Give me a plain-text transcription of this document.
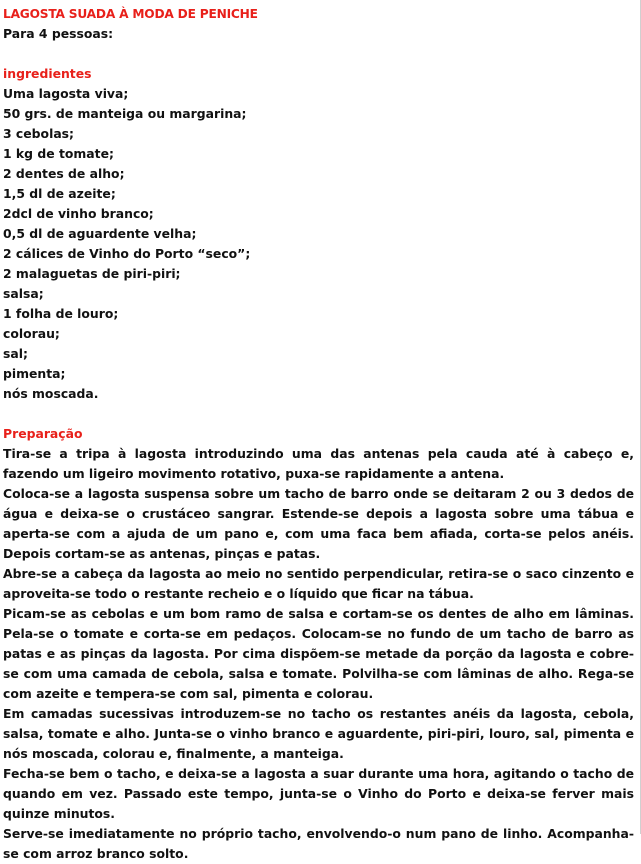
LAGOSTA SUADA À MODA DE PENICHE
Para 4 pessoas:
ingredientes
Uma lagosta viva;
50 grs. de manteiga ou margarina;
3 cebolas;
1 kg de tomate;
2 dentes de alho;
1,5 dl de azeite;
2dcl de vinho branco;
0,5 dl de aguardente velha;
2 cálices de Vinho do Porto “seco”;
2 malaguetas de piri-piri;
salsa;
1 folha de louro;
colorau;
sal;
pimenta;
nós moscada.
Preparação

Tira-se a tripa à lagosta introduzindo uma das antenas pela cauda até à cabeço e, fazendo um ligeiro movimento rotativo, puxa-se rapidamente a antena.

Coloca-se a lagosta suspensa sobre um tacho de barro onde se deitaram 2 ou 3 dedos de água e deixa-se o crustáceo sangrar. Estende-se depois a lagosta sobre uma tábua e aperta-se com a ajuda de um pano e, com uma faca bem afiada, corta-se pelos anéis. Depois cortam-se as antenas, pinças e patas.

Abre-se a cabeça da lagosta ao meio no sentido perpendicular, retira-se o saco cinzento e aproveita-se todo o restante recheio e o líquido que ficar na tábua.

Picam-se as cebolas e um bom ramo de salsa e cortam-se os dentes de alho em lâminas. Pela-se o tomate e corta-se em pedaços. Colocam-se no fundo de um tacho de barro as patas e as pinças da lagosta. Por cima dispõem-se metade da porção da lagosta e cobre-se com uma camada de cebola, salsa e tomate. Polvilha-se com lâminas de alho. Rega-se com azeite e tempera-se com sal, pimenta e colorau.

Em camadas sucessivas introduzem-se no tacho os restantes anéis da lagosta, cebola, salsa, tomate e alho. Junta-se o vinho branco e aguardente, piri-piri, louro, sal, pimenta e nós moscada, colorau e, finalmente, a manteiga.

Fecha-se bem o tacho, e deixa-se a lagosta a suar durante uma hora, agitando o tacho de quando em vez. Passado este tempo, junta-se o Vinho do Porto e deixa-se ferver mais quinze minutos.

Serve-se imediatamente no próprio tacho, envolvendo-o num pano de linho. Acompanha-se com arroz branco solto.
